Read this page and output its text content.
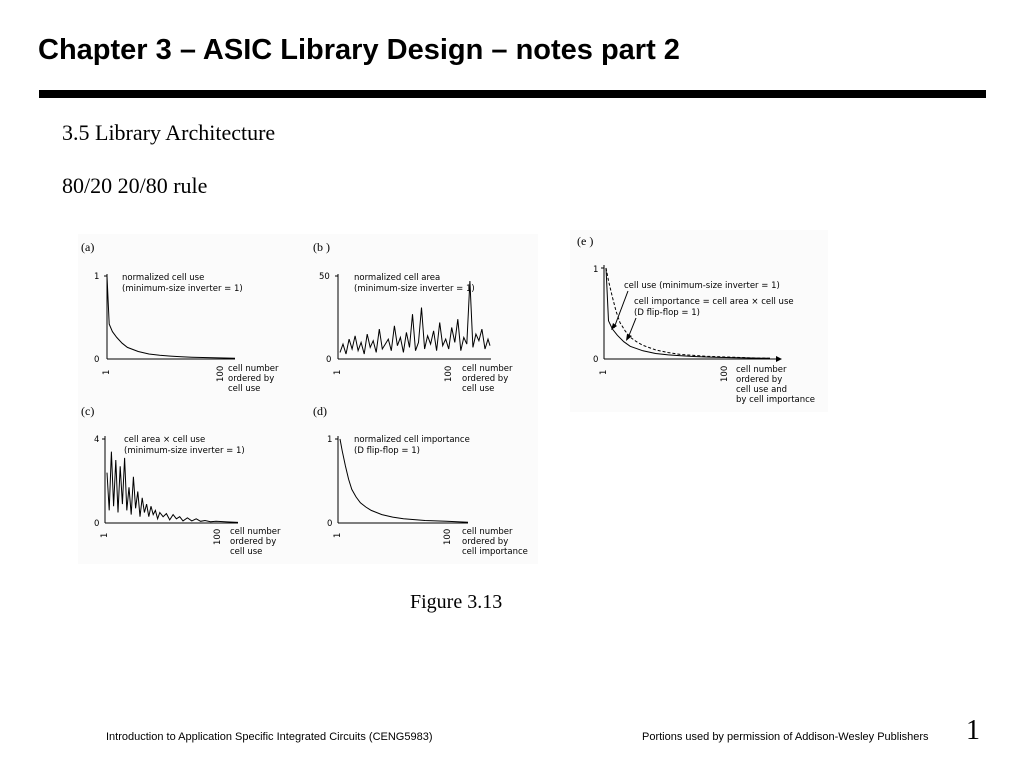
Chapter 3 – ASIC Library Design – notes part 2
3.5 Library Architecture
80/20 20/80 rule
(a)
normalized cell use
(minimum-size inverter = 1)
1
0
1	100 cell number
ordered by
cell use
(b )
normalized cell area
(minimum-size inverter = 1)
50
0
1	100 cell number
ordered by
cell use
(c)
cell area × cell use
(minimum-size inverter = 1)
4
0
1	100 cell number
ordered by
cell use
(d)
normalized cell importance
(D flip-flop = 1)
1
0
1	100 cell number
ordered by
cell importance
(e )
1
0
1	100 cell number
ordered by
cell use and
by cell importance
cell use (minimum-size inverter = 1)
cell importance = cell area × cell use
(D flip-flop = 1)
Figure 3.13
Introduction to Application Specific Integrated Circuits (CENG5983)	Portions used by permission of Addison-Wesley Publishers 1
